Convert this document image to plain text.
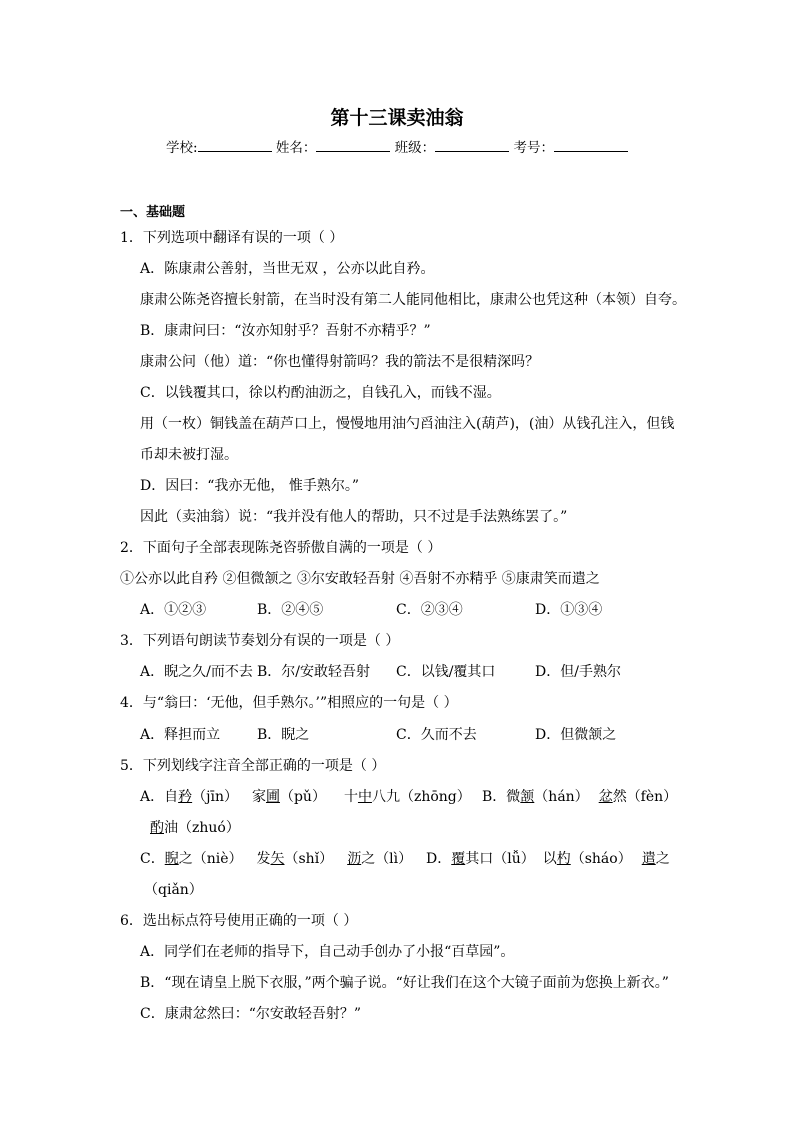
第十三课卖油翁
学校:	姓名：	班级：	考号：
一、基础题
1．下列选项中翻译有误的一项（ ）
A．陈康肃公善射，当世无双 ，公亦以此自矜。
康肃公陈尧咨擅长射箭，在当时没有第二人能同他相比，康肃公也凭这种（本领）自夸。
B．康肃问曰：“汝亦知射乎？吾射不亦精乎？”
康肃公问（他）道：“你也懂得射箭吗？我的箭法不是很精深吗？
C．以钱覆其口，徐以杓酌油沥之，自钱孔入，而钱不湿。
用（一枚）铜钱盖在葫芦口上，慢慢地用油勺舀油注入(葫芦)，(油）从钱孔注入，但钱
币却未被打湿。
D．因曰：“我亦无他， 惟手熟尔。”
因此（卖油翁）说：“我并没有他人的帮助，只不过是手法熟练罢了。”
2．下面句子全部表现陈尧咨骄傲自满的一项是（ ）
①公亦以此自矜 ②但微颔之 ③尔安敢轻吾射 ④吾射不亦精乎 ⑤康肃笑而遣之
A．①②③	B．②④⑤	C．②③④	D．①③④
3．下列语句朗读节奏划分有误的一项是（ ）
A．睨之久/而不去 B．尔/安敢轻吾射 C．以钱/覆其口	D．但/手熟尔
4．与“翁曰：‘无他，但手熟尔。’”相照应的一句是（ ）
A．释担而立	B．睨之	C．久而不去	D．但微颔之
5．下列划线字注音全部正确的一项是（ ）
A．自矜（jīn） 家圃（pǔ） 十中八九（zhōng） B．微颔（hán） 忿然（fèn）
酌油（zhuó）
C．睨之（niè） 发矢（shǐ） 沥之（lì） D．覆其口（lǚ） 以杓（sháo） 遣之
（qiǎn）
6．选出标点符号使用正确的一项（ ）
A．同学们在老师的指导下，自己动手创办了小报“百草园”。
B．“现在请皇上脱下衣服，”两个骗子说。“好让我们在这个大镜子面前为您换上新衣。”
C．康肃忿然曰：“尔安敢轻吾射？”
